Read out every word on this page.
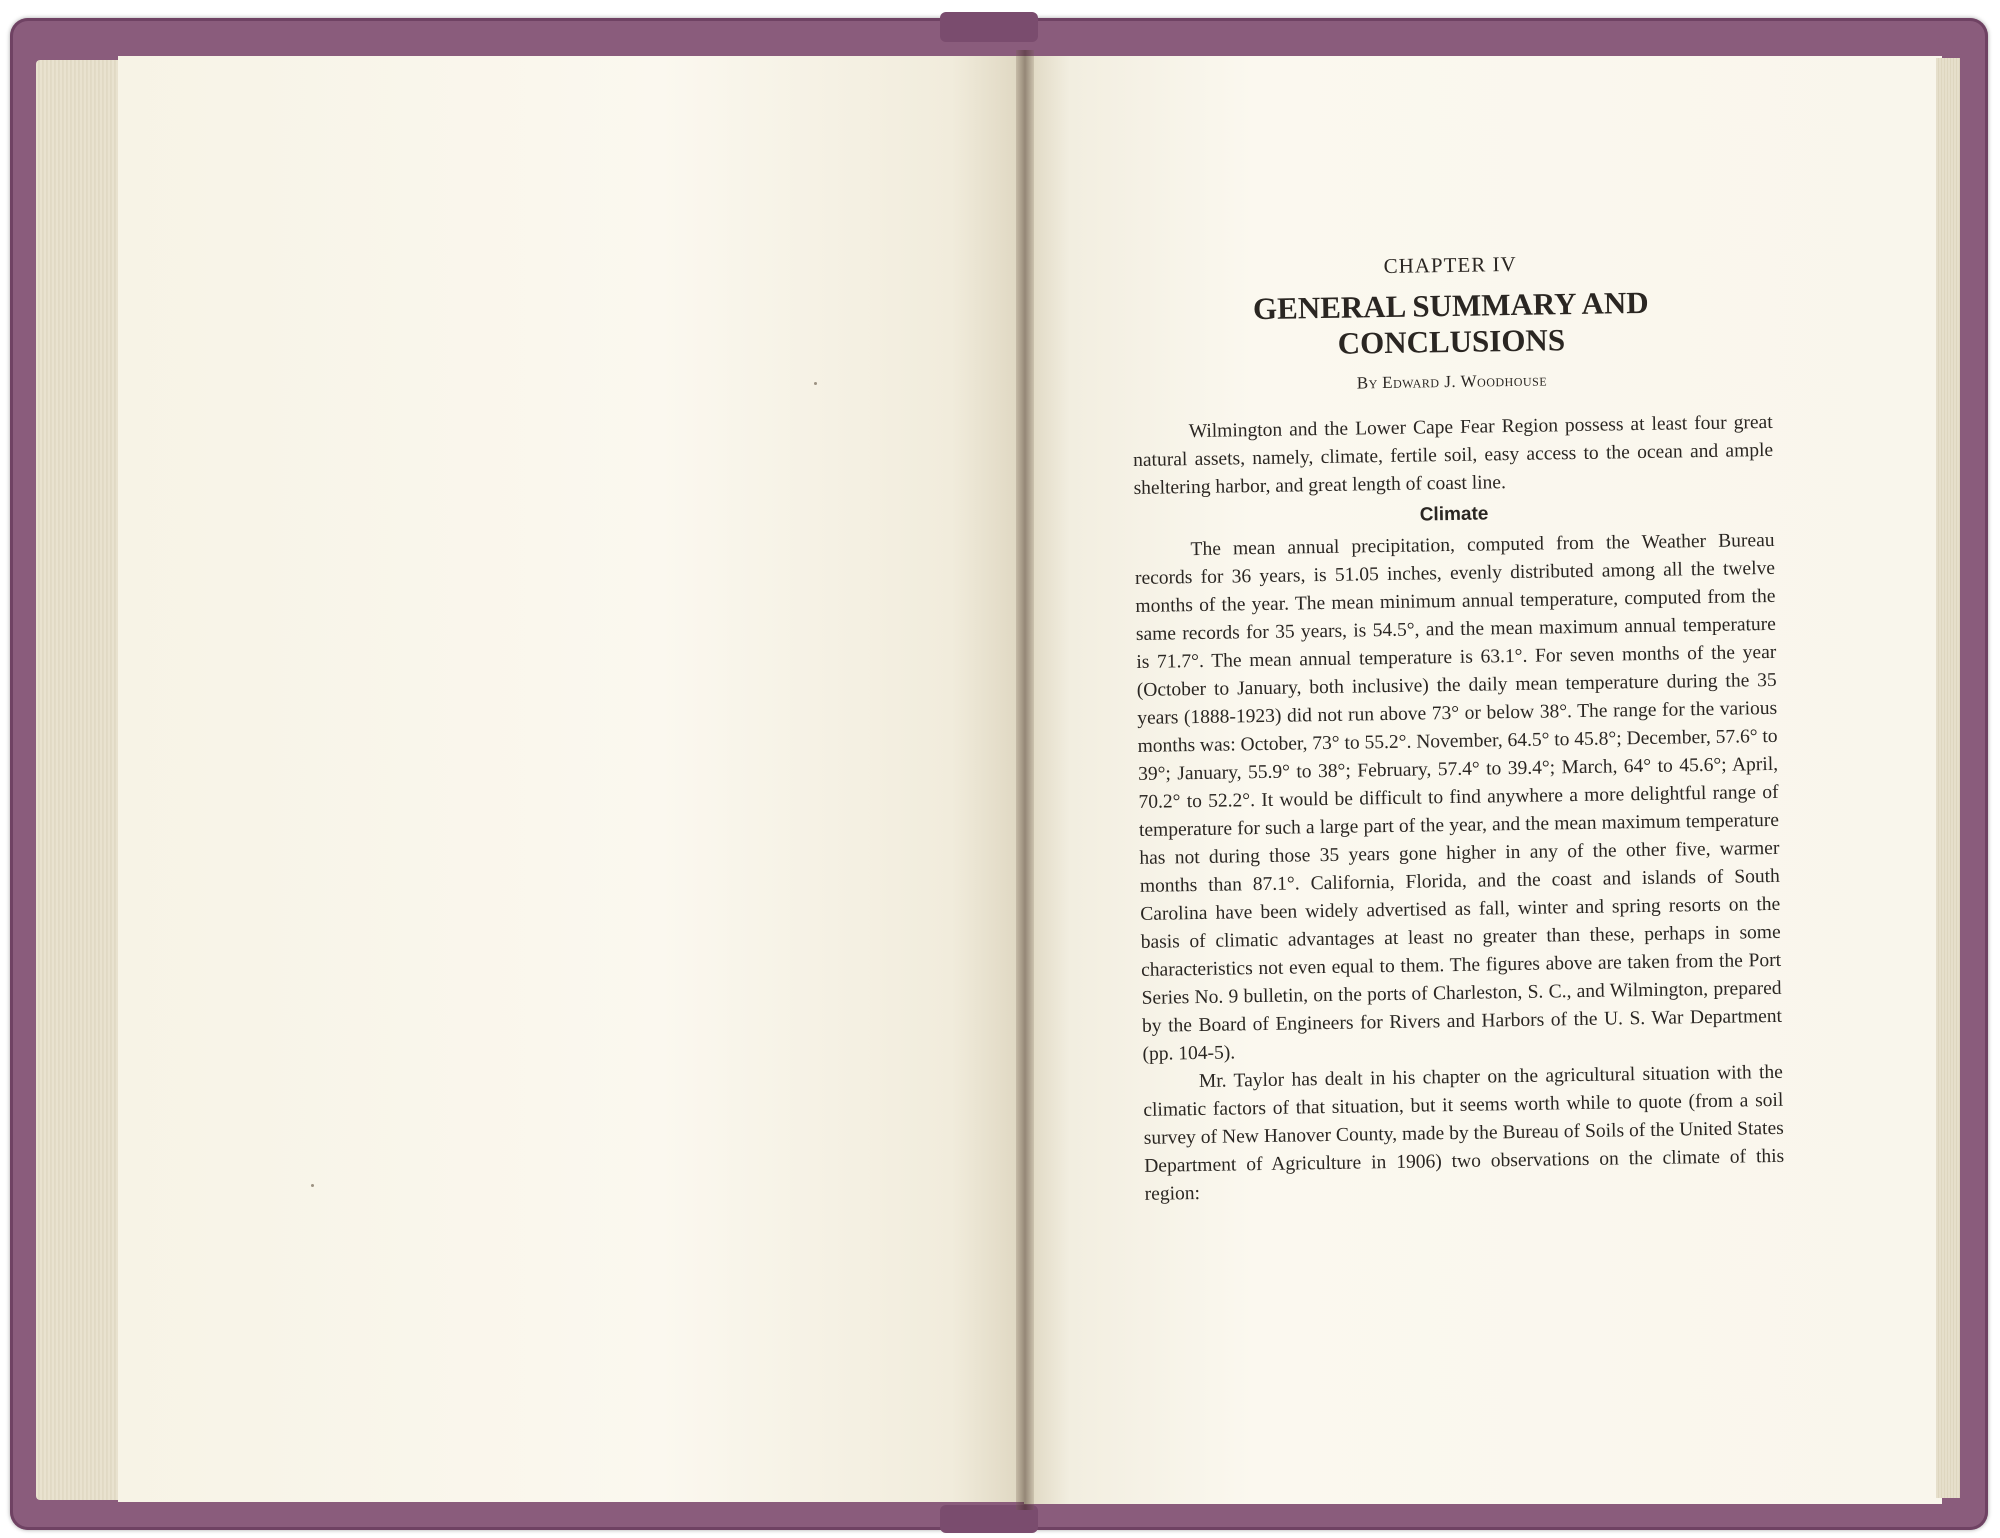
CHAPTER IV
GENERAL SUMMARY AND
CONCLUSIONS
By Edward J. Woodhouse

Wilmington and the Lower Cape Fear Region possess at least four great natural assets, namely, climate, fertile soil, easy access to the ocean and ample sheltering harbor, and great length of coast line.

Climate

The mean annual precipitation, computed from the Weather Bureau records for 36 years, is 51.05 inches, evenly distributed among all the twelve months of the year. The mean minimum annual temperature, computed from the same records for 35 years, is 54.5°, and the mean maximum annual temperature is 71.7°. The mean annual temperature is 63.1°. For seven months of the year (October to January, both inclusive) the daily mean temperature during the 35 years (1888-1923) did not run above 73° or below 38°. The range for the various months was: October, 73° to 55.2°. November, 64.5° to 45.8°; December, 57.6° to 39°; January, 55.9° to 38°; February, 57.4° to 39.4°; March, 64° to 45.6°; April, 70.2° to 52.2°. It would be difficult to find anywhere a more delightful range of temperature for such a large part of the year, and the mean maximum temperature has not during those 35 years gone higher in any of the other five, warmer months than 87.1°. California, Florida, and the coast and islands of South Carolina have been widely advertised as fall, winter and spring resorts on the basis of climatic advantages at least no greater than these, perhaps in some characteristics not even equal to them. The figures above are taken from the Port Series No. 9 bulletin, on the ports of Charleston, S. C., and Wilmington, prepared by the Board of Engineers for Rivers and Harbors of the U. S. War Department (pp. 104-5).

Mr. Taylor has dealt in his chapter on the agricultural situation with the climatic factors of that situation, but it seems worth while to quote (from a soil survey of New Hanover County, made by the Bureau of Soils of the United States Department of Agriculture in 1906) two observations on the climate of this region:
